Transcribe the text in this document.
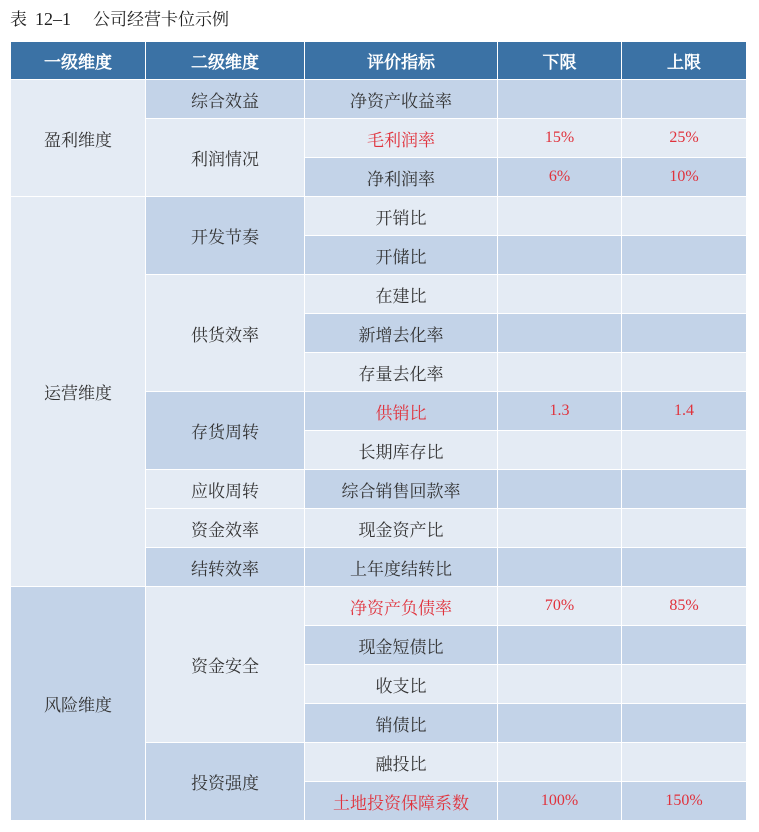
表 12–1 公司经营卡位示例
一级维度	二级维度	评价指标	下限	上限
盈利维度	综合效益	净资产收益率		
	利润情况	毛利润率	15%	25%
		净利润率	6%	10%
运营维度	开发节奏	开销比		
		开储比		
	供货效率	在建比		
		新增去化率		
		存量去化率		
	存货周转	供销比	1.3	1.4
		长期库存比		
	应收周转	综合销售回款率		
	资金效率	现金资产比		
	结转效率	上年度结转比		
风险维度	资金安全	净资产负债率	70%	85%
		现金短债比		
		收支比		
		销债比		
	投资强度	融投比		
		土地投资保障系数	100%	150%
